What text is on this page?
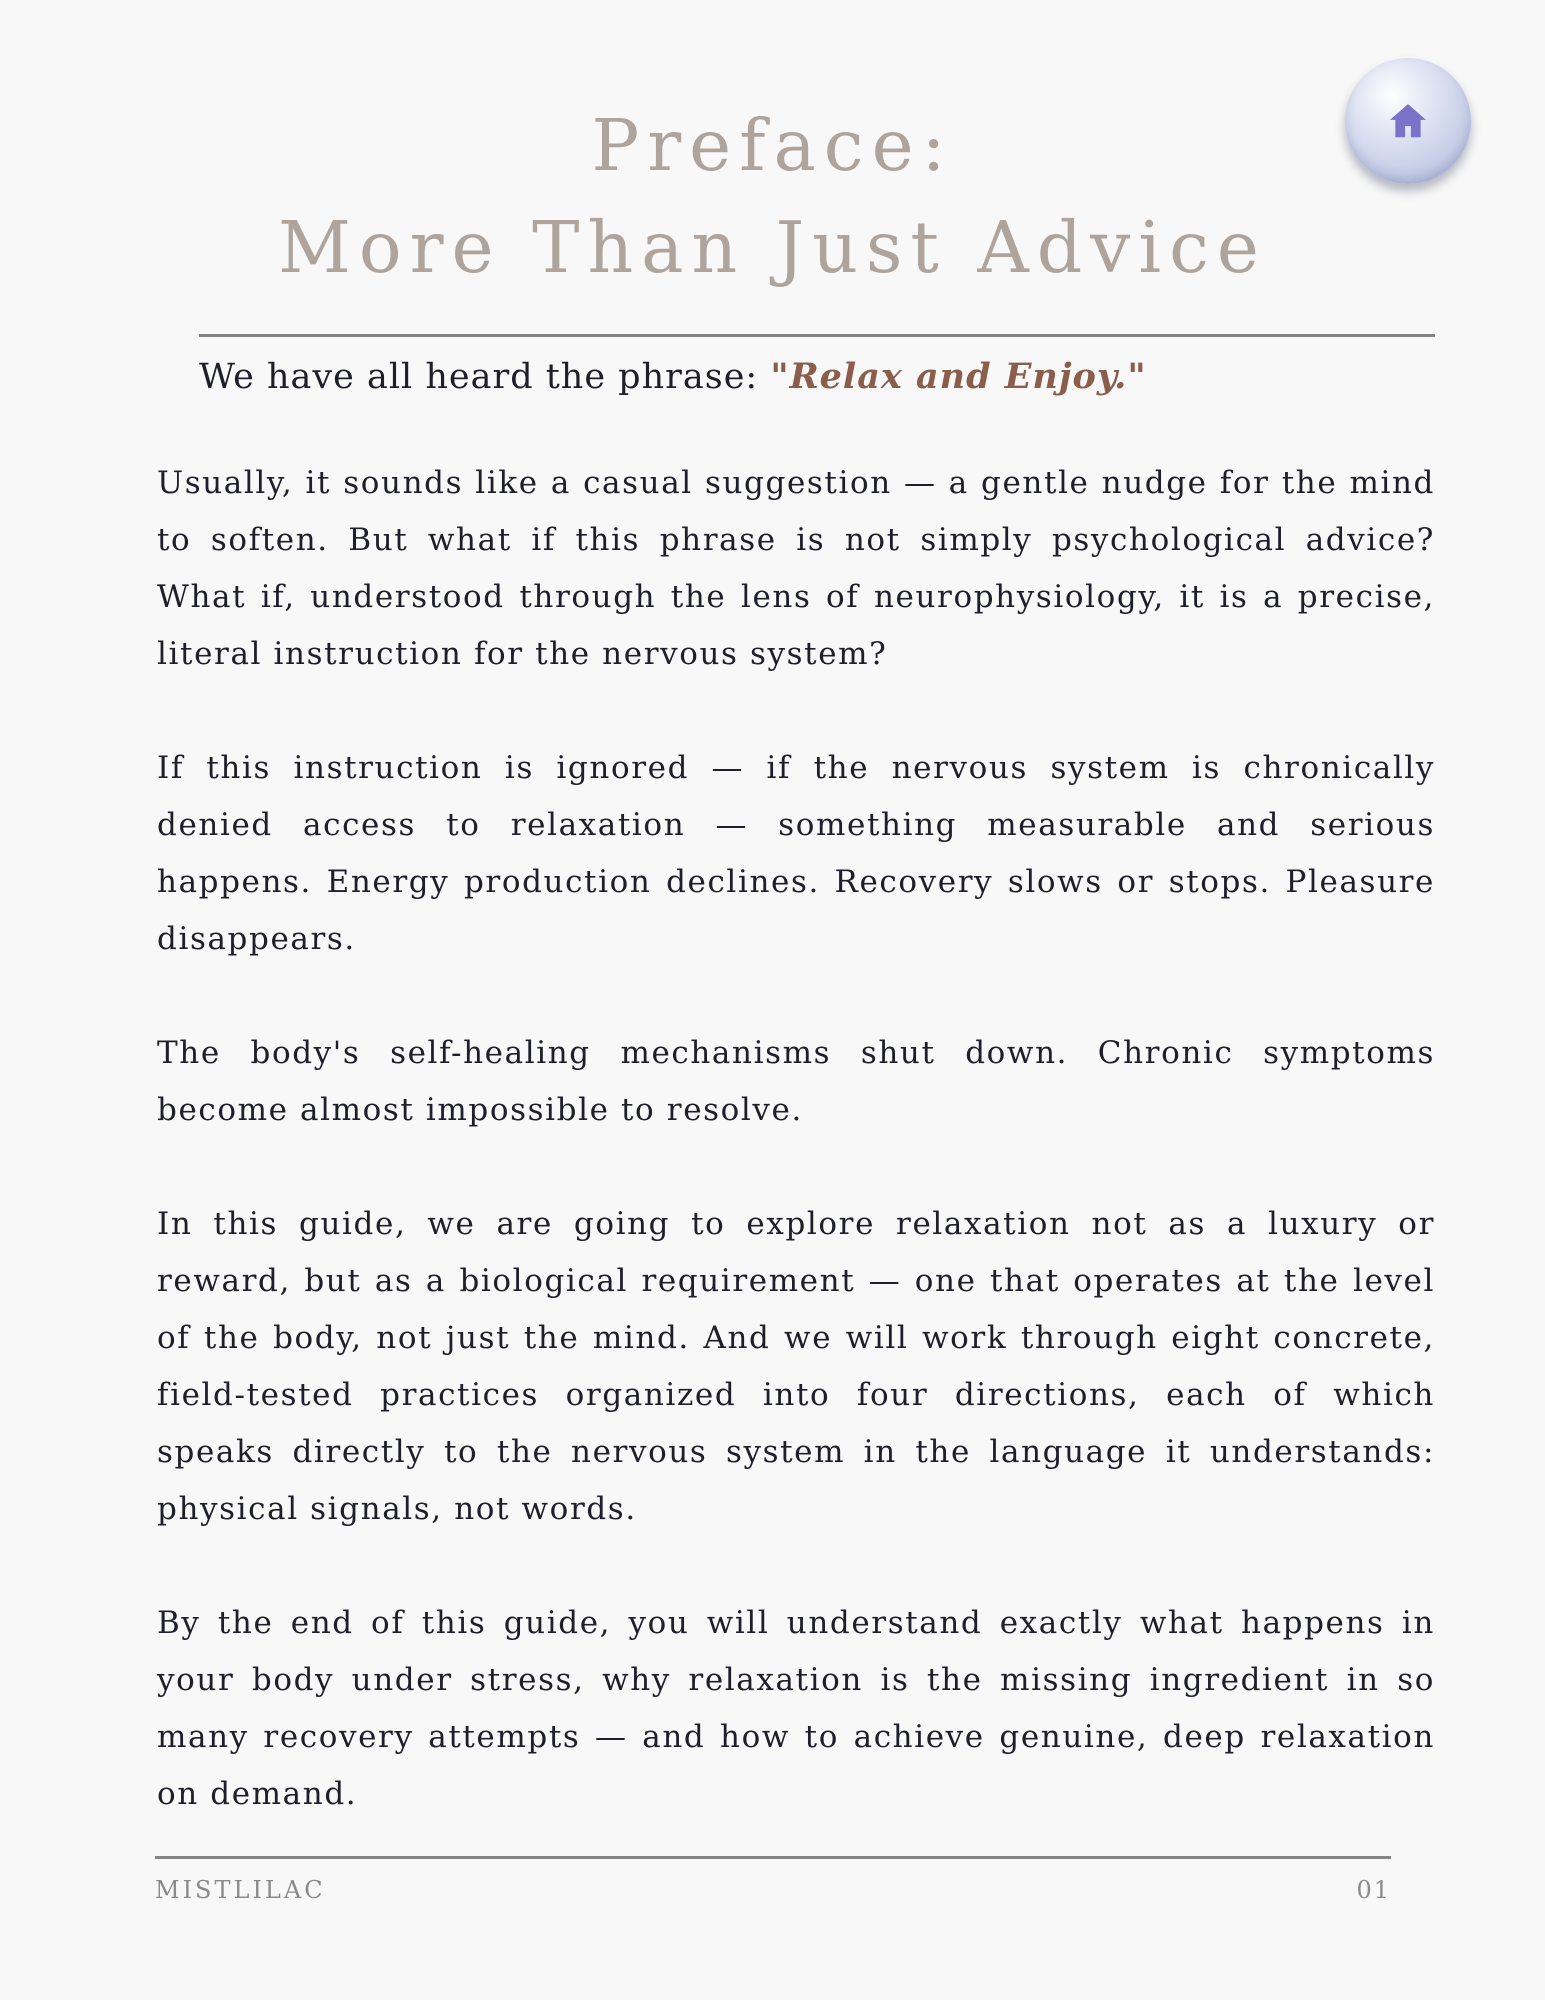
Preface:
More Than Just Advice
We have all heard the phrase: "Relax and Enjoy."

Usually, it sounds like a casual suggestion — a gentle nudge for the mind to soften. But what if this phrase is not simply psychological advice? What if, understood through the lens of neurophysiology, it is a precise, literal instruction for the nervous system?

If this instruction is ignored — if the nervous system is chronically denied access to relaxation — something measurable and serious happens. Energy production declines. Recovery slows or stops. Pleasure disappears.

The body's self-healing mechanisms shut down. Chronic symptoms become almost impossible to resolve.

In this guide, we are going to explore relaxation not as a luxury or reward, but as a biological requirement — one that operates at the level of the body, not just the mind. And we will work through eight concrete, field-tested practices organized into four directions, each of which speaks directly to the nervous system in the language it understands: physical signals, not words.

By the end of this guide, you will understand exactly what happens in your body under stress, why relaxation is the missing ingredient in so many recovery attempts — and how to achieve genuine, deep relaxation on demand.

MISTLILAC	01
